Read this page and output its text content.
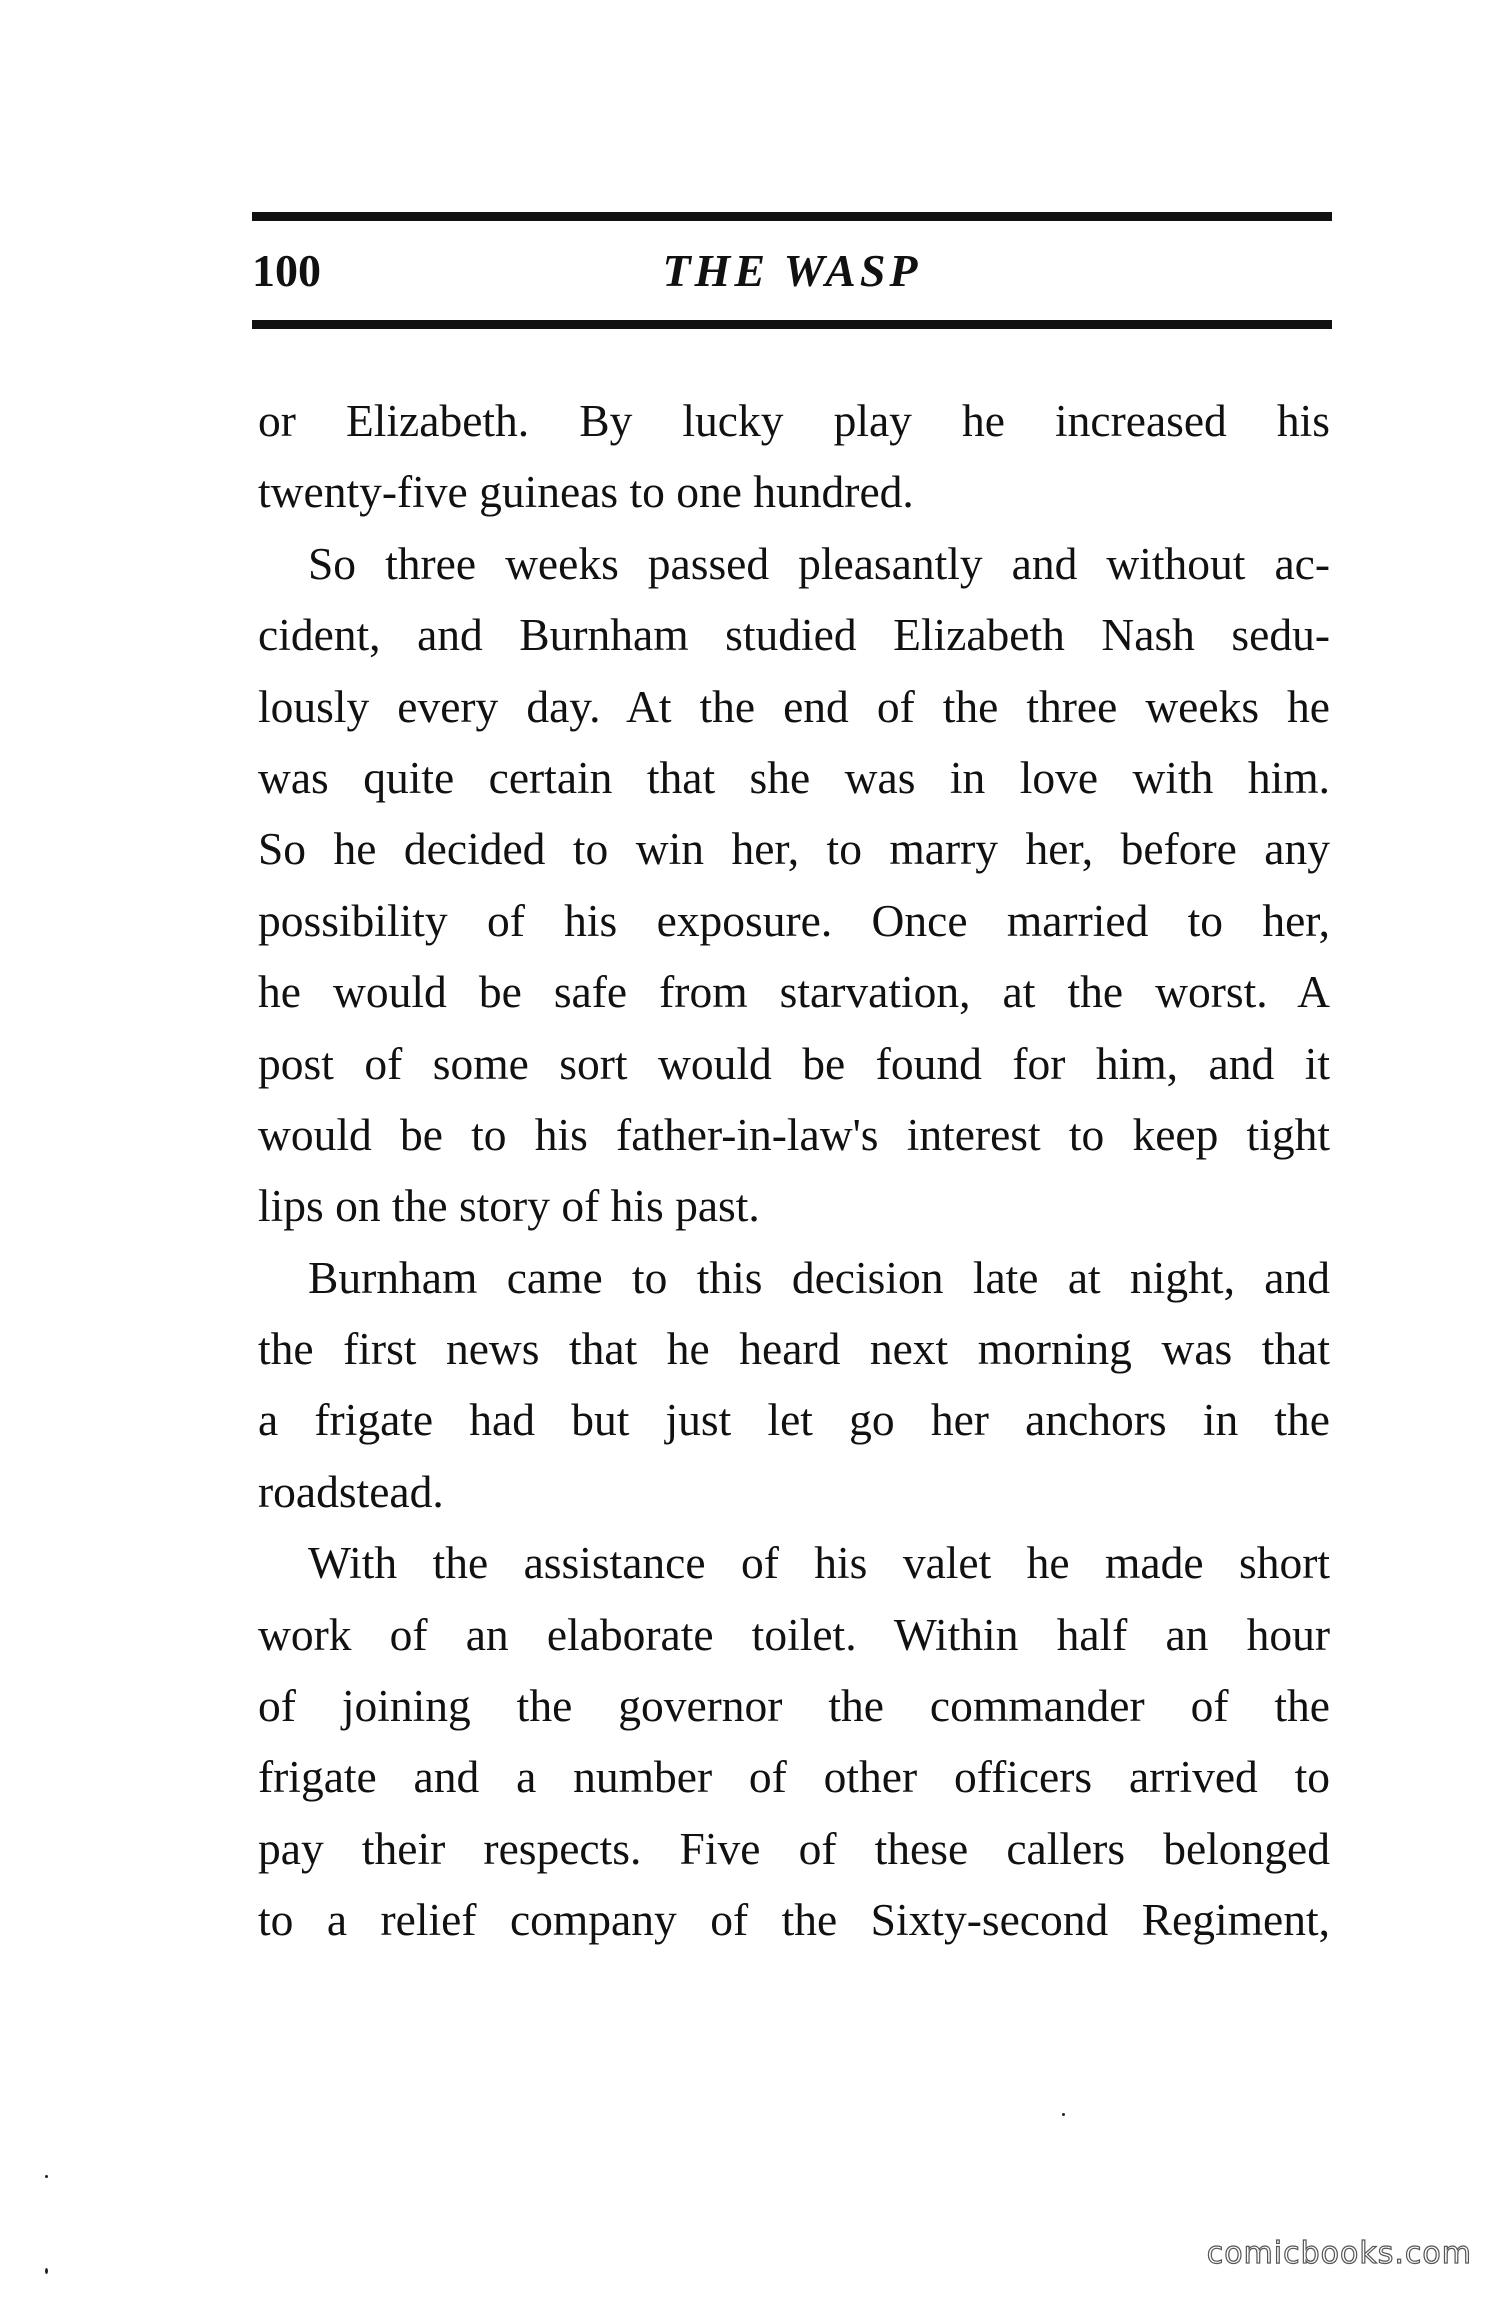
100	THE WASP
or Elizabeth. By lucky play he increased his
twenty-five guineas to one hundred.
So three weeks passed pleasantly and without ac-
cident, and Burnham studied Elizabeth Nash sedu-
lously every day. At the end of the three weeks he
was quite certain that she was in love with him.
So he decided to win her, to marry her, before any
possibility of his exposure. Once married to her,
he would be safe from starvation, at the worst. A
post of some sort would be found for him, and it
would be to his father-in-law's interest to keep tight
lips on the story of his past.
Burnham came to this decision late at night, and
the first news that he heard next morning was that
a frigate had but just let go her anchors in the
roadstead.
With the assistance of his valet he made short
work of an elaborate toilet. Within half an hour
of joining the governor the commander of the
frigate and a number of other officers arrived to
pay their respects. Five of these callers belonged
to a relief company of the Sixty-second Regiment,
comicbooks.com
